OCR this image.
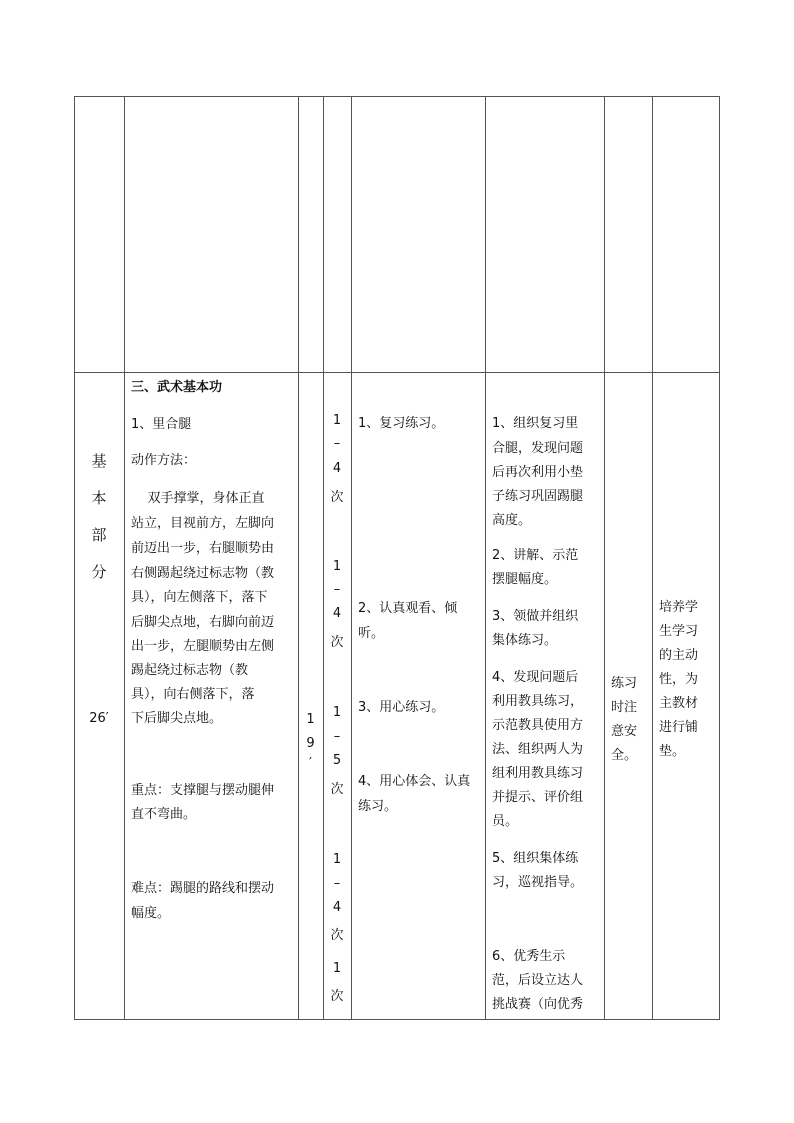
基
本
部
分
26′
三、武术基本功
1、里合腿
动作方法：
双手撑掌，身体正直
站立，目视前方，左脚向
前迈出一步，右腿顺势由
右侧踢起绕过标志物（教
具），向左侧落下，落下
后脚尖点地，右脚向前迈
出一步，左腿顺势由左侧
踢起绕过标志物（教
具），向右侧落下，落
下后脚尖点地。
重点：支撑腿与摆动腿伸
直不弯曲。
难点：踢腿的路线和摆动
幅度。
1
9
′
1
–
4
次
1
–
4
次
1
–
5
次
1
–
4
次
1
次
1、复习练习。
2、认真观看、倾
听。
3、用心练习。
4、用心体会、认真
练习。
1、组织复习里
合腿，发现问题
后再次利用小垫
子练习巩固踢腿
高度。
2、讲解、示范
摆腿幅度。
3、领做并组织
集体练习。
4、发现问题后
利用教具练习，
示范教具使用方
法、组织两人为
组利用教具练习
并提示、评价组
员。
5、组织集体练
习，巡视指导。
6、优秀生示
范，后设立达人
挑战赛（向优秀
练习
时注
意安
全。
培养学
生学习
的主动
性，为
主教材
进行铺
垫。
